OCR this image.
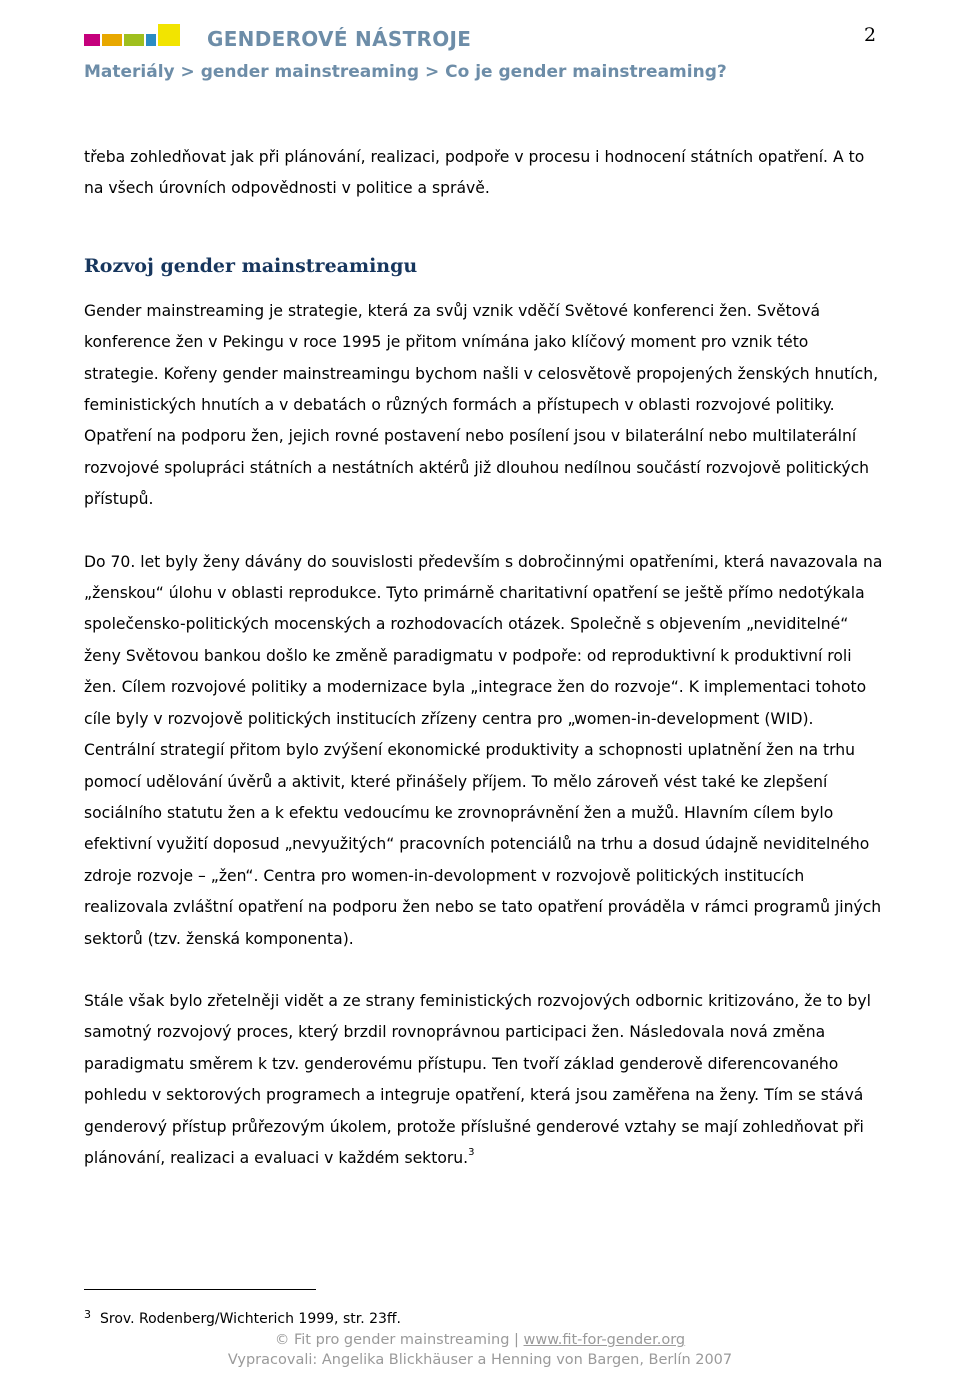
GENDEROVÉ NÁSTROJE
Materiály > gender mainstreaming > Co je gender mainstreaming?
2

třeba zohledňovat jak při plánování, realizaci, podpoře v procesu i hodnocení státních opatření. A to na všech úrovních odpovědnosti v politice a správě.

Rozvoj gender mainstreamingu

Gender mainstreaming je strategie, která za svůj vznik vděčí Světové konferenci žen. Světová konference žen v Pekingu v roce 1995 je přitom vnímána jako klíčový moment pro vznik této strategie. Kořeny gender mainstreamingu bychom našli v celosvětově propojených ženských hnutích, feministických hnutích a v debatách o různých formách a přístupech v oblasti rozvojové politiky. Opatření na podporu žen, jejich rovné postavení nebo posílení jsou v bilaterální nebo multilaterální rozvojové spolupráci státních a nestátních aktérů již dlouhou nedílnou součástí rozvojově politických přístupů.

Do 70. let byly ženy dávány do souvislosti především s dobročinnými opatřeními, která navazovala na „ženskou“ úlohu v oblasti reprodukce. Tyto primárně charitativní opatření se ještě přímo nedotýkala společensko-politických mocenských a rozhodovacích otázek. Společně s objevením „neviditelné“ ženy Světovou bankou došlo ke změně paradigmatu v podpoře: od reproduktivní k produktivní roli žen. Cílem rozvojové politiky a modernizace byla „integrace žen do rozvoje“. K implementaci tohoto cíle byly v rozvojově politických institucích zřízeny centra pro „women-in-development (WID). Centrální strategií přitom bylo zvýšení ekonomické produktivity a schopnosti uplatnění žen na trhu pomocí udělování úvěrů a aktivit, které přinášely příjem. To mělo zároveň vést také ke zlepšení sociálního statutu žen a k efektu vedoucímu ke zrovnoprávnění žen a mužů. Hlavním cílem bylo efektivní využití doposud „nevyužitých“ pracovních potenciálů na trhu a dosud údajně neviditelného zdroje rozvoje – „žen“. Centra pro women-in-devolopment v rozvojově politických institucích realizovala zvláštní opatření na podporu žen nebo se tato opatření prováděla v rámci programů jiných sektorů (tzv. ženská komponenta).

Stále však bylo zřetelněji vidět a ze strany feministických rozvojových odbornic kritizováno, že to byl samotný rozvojový proces, který brzdil rovnoprávnou participaci žen. Následovala nová změna paradigmatu směrem k tzv. genderovému přístupu. Ten tvoří základ genderově diferencovaného pohledu v sektorových programech a integruje opatření, která jsou zaměřena na ženy. Tím se stává genderový přístup průřezovým úkolem, protože příslušné genderové vztahy se mají zohledňovat při plánování, realizaci a evaluaci v každém sektoru.$^3$

3 Srov. Rodenberg/Wichterich 1999, str. 23ff.
© Fit pro gender mainstreaming | www.fit-for-gender.org
Vypracovali: Angelika Blickhäuser a Henning von Bargen, Berlín 2007
